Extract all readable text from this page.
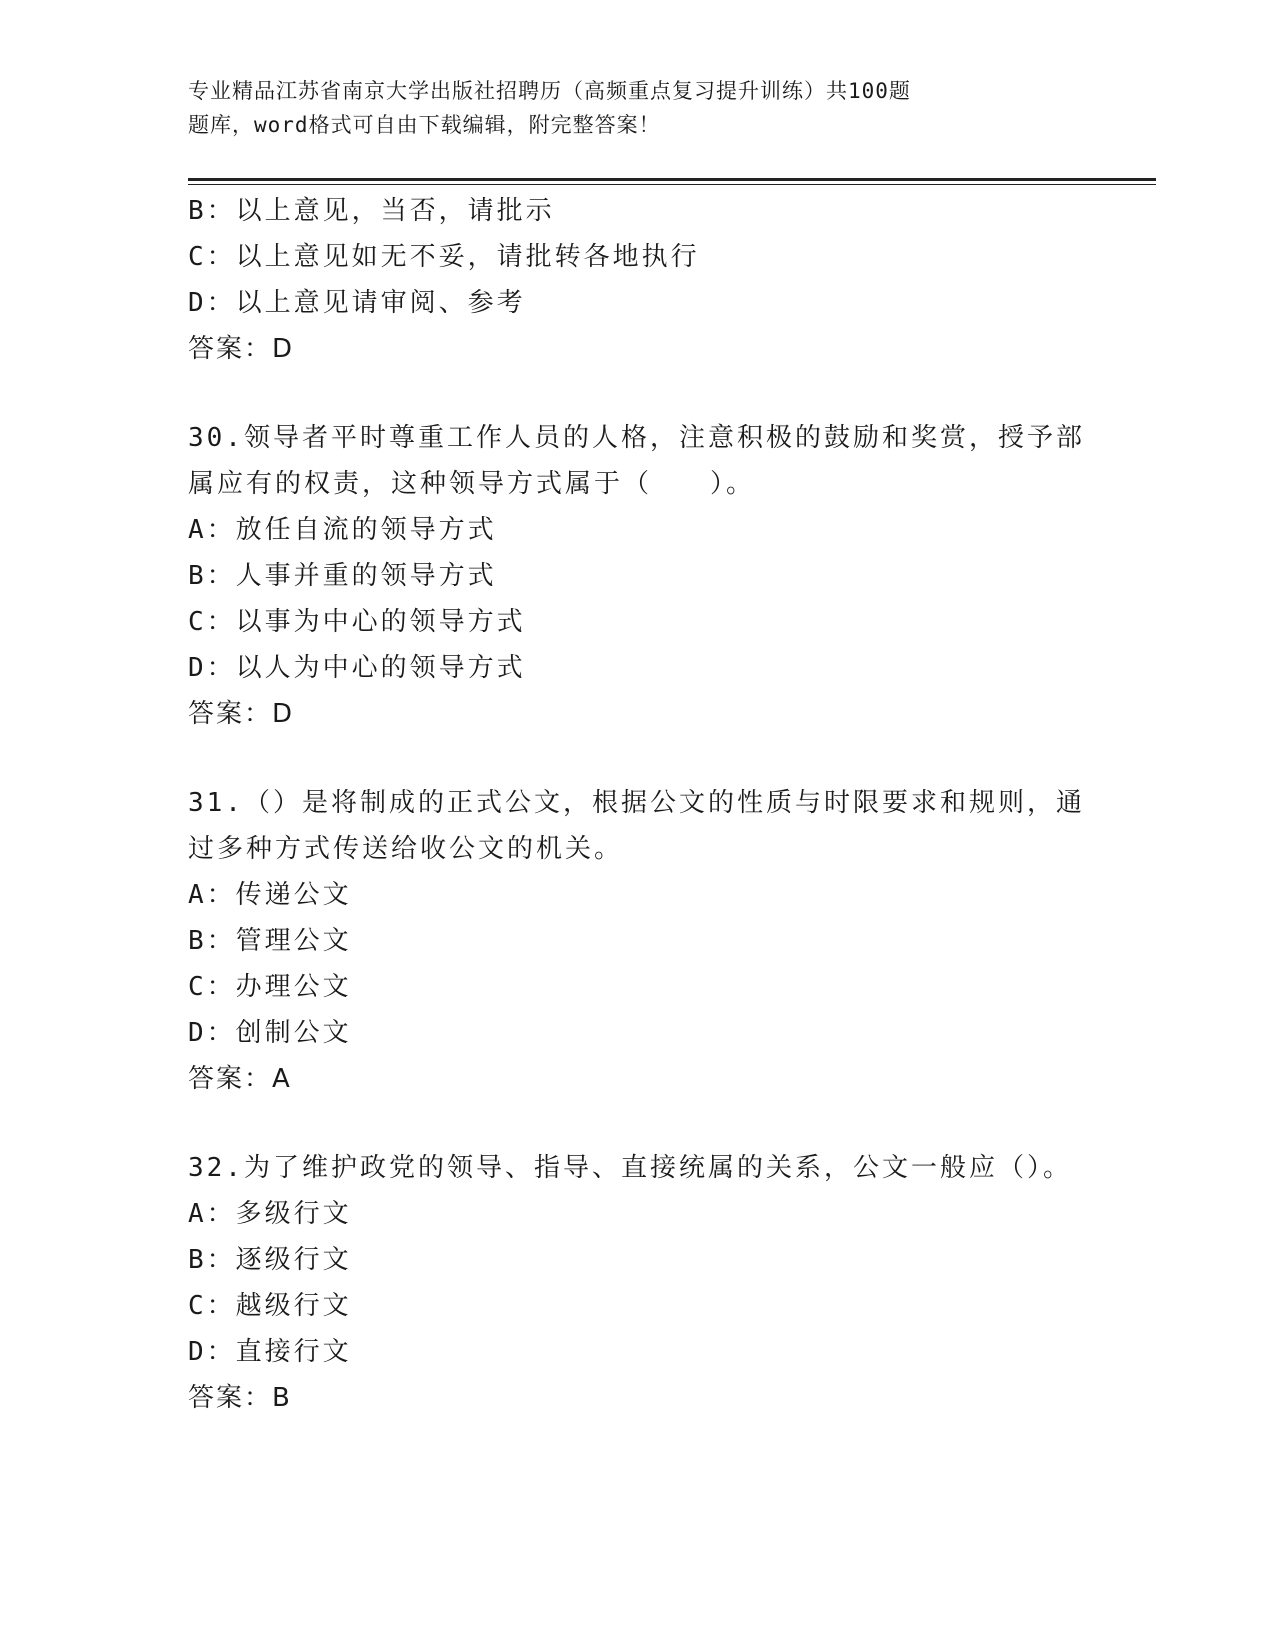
专业精品江苏省南京大学出版社招聘历（高频重点复习提升训练）共100题
题库，word格式可自由下载编辑，附完整答案！
B：以上意见，当否，请批示
C：以上意见如无不妥，请批转各地执行
D：以上意见请审阅、参考
答案：D
30.领导者平时尊重工作人员的人格，注意积极的鼓励和奖赏，授予部
属应有的权责，这种领导方式属于（　　）。
A：放任自流的领导方式
B：人事并重的领导方式
C：以事为中心的领导方式
D：以人为中心的领导方式
答案：D
31.（）是将制成的正式公文，根据公文的性质与时限要求和规则，通
过多种方式传送给收公文的机关。
A：传递公文
B：管理公文
C：办理公文
D：创制公文
答案：A
32.为了维护政党的领导、指导、直接统属的关系，公文一般应（）。
A：多级行文
B：逐级行文
C：越级行文
D：直接行文
答案：B
